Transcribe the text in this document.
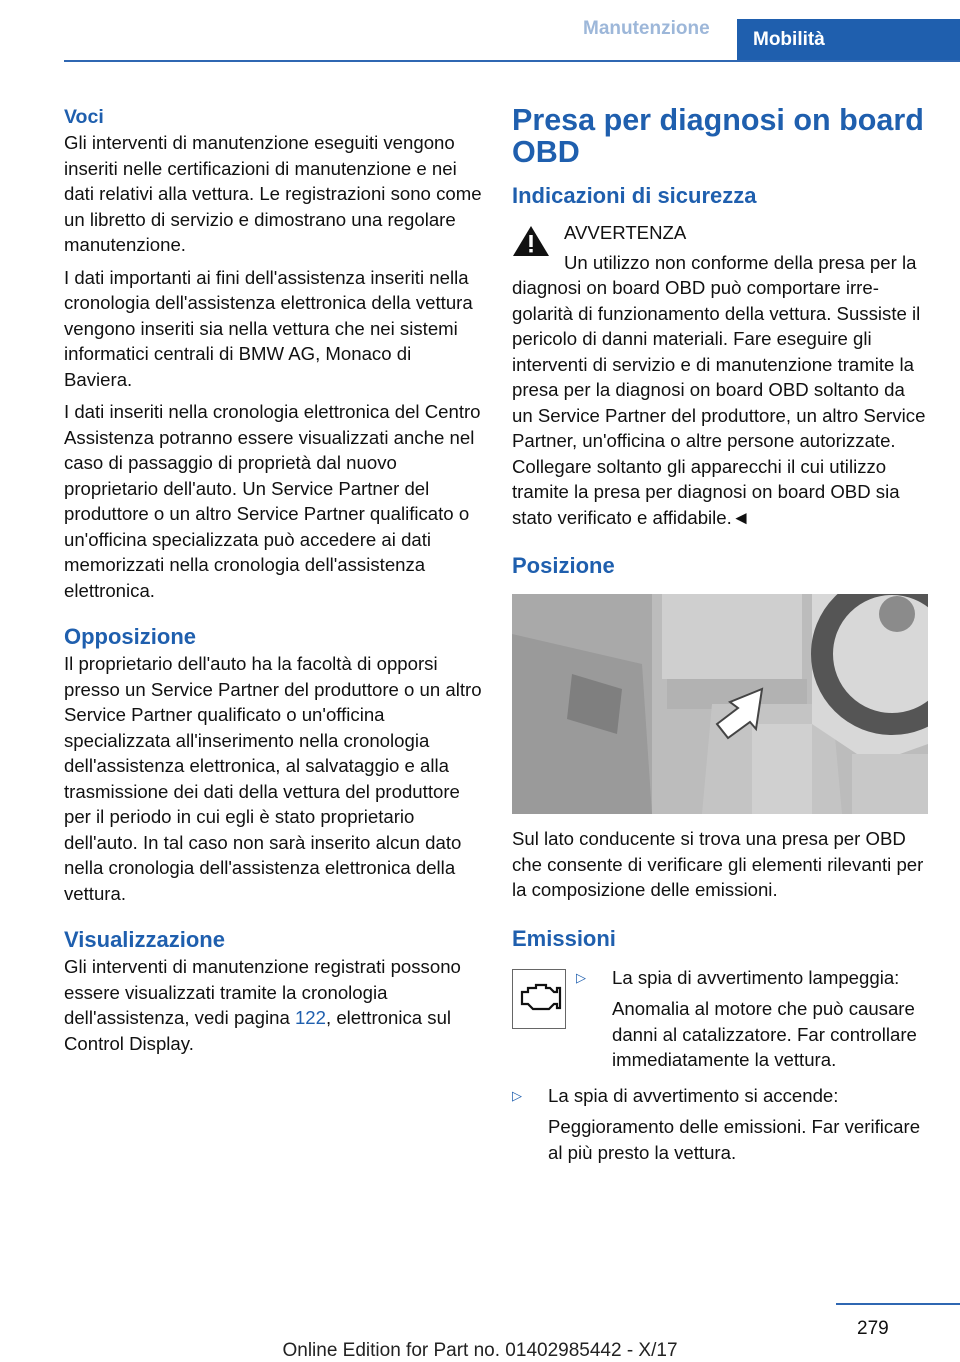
Manutenzione
Mobilità
Voci

Gli interventi di manutenzione eseguiti vengono inseriti nelle certificazioni di manutenzione e nei dati relativi alla vettura. Le registrazioni sono come un libretto di servizio e dimostrano una regolare manutenzione.

I dati importanti ai fini dell'assistenza inseriti nella cronologia dell'assistenza elettronica della vettura vengono inseriti sia nella vettura che nei sistemi informatici centrali di BMW AG, Monaco di Baviera.

I dati inseriti nella cronologia elettronica del Centro Assistenza potranno essere visualizzati anche nel caso di passaggio di proprietà dal nuovo proprietario dell'auto. Un Service Partner del produttore o un altro Service Partner qualificato o un'officina specializzata può accedere ai dati memorizzati nella cronologia dell'assistenza elettronica.

Opposizione

Il proprietario dell'auto ha la facoltà di opporsi presso un Service Partner del produttore o un altro Service Partner qualificato o un'officina specializzata all'inserimento nella cronologia dell'assistenza elettronica, al salvataggio e alla trasmissione dei dati della vettura del produttore per il periodo in cui egli è stato proprietario dell'auto. In tal caso non sarà inserito alcun dato nella cronologia dell'assistenza elettronica della vettura.

Visualizzazione

Gli interventi di manutenzione registrati possono essere visualizzati tramite la cronologia dell'assistenza, vedi pagina 122, elettronica sul Control Display.

Presa per diagnosi on board OBD
Indicazioni di sicurezza

AVVERTENZA

Un utilizzo non conforme della presa per la diagnosi on board OBD può comportare irregolarità di funzionamento della vettura. Sussiste il pericolo di danni materiali. Fare eseguire gli interventi di servizio e di manutenzione tramite la presa per la diagnosi on board OBD soltanto da un Service Partner del produttore, un altro Service Partner, un'officina o altre persone autorizzate. Collegare soltanto gli apparecchi il cui utilizzo tramite la presa per diagnosi on board OBD sia stato verificato e affidabile.◄

Posizione

Sul lato conducente si trova una presa per OBD che consente di verificare gli elementi rilevanti per la composizione delle emissioni.

Emissioni
▷	La spia di avvertimento lampeggia:

Anomalia al motore che può causare danni al catalizzatore. Far controllare immediatamente la vettura.

▷	La spia di avvertimento si accende:

Peggioramento delle emissioni. Far verificare al più presto la vettura.

279
Online Edition for Part no. 01402985442 - X/17
